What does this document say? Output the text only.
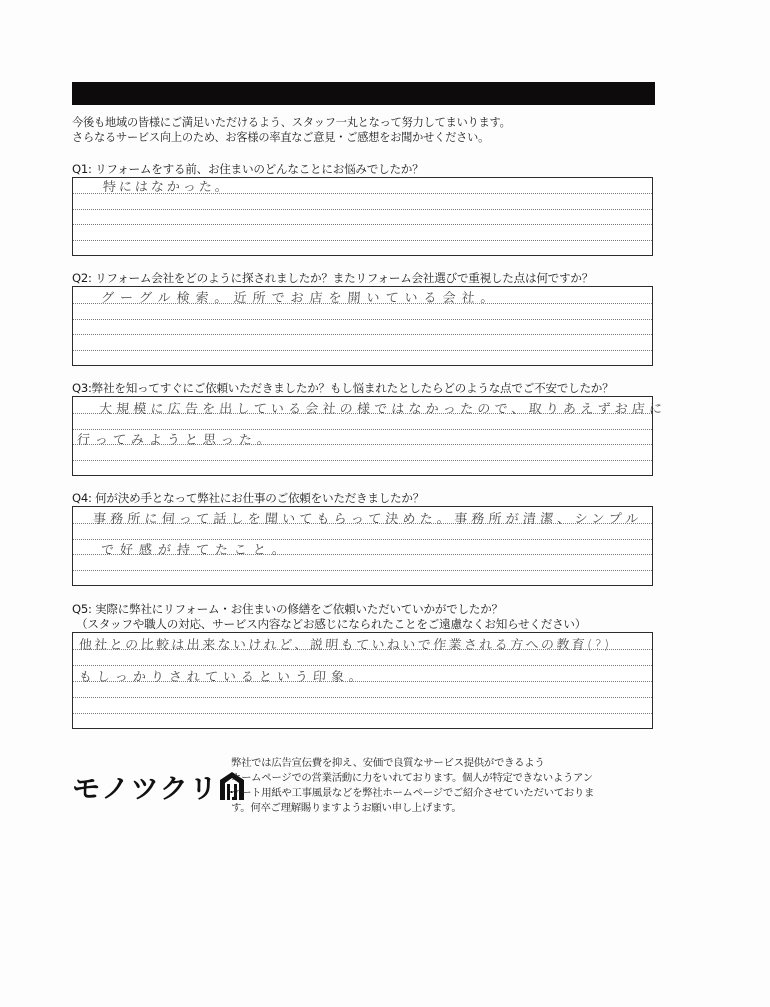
今後も地域の皆様にご満足いただけるよう、スタッフ一丸となって努力してまいります。
さらなるサービス向上のため、お客様の率直なご意見・ご感想をお聞かせください。
Q1: リフォームをする前、お住まいのどんなことにお悩みでしたか？
特にはなかった。
Q2: リフォーム会社をどのように探されましたか？またリフォーム会社選びで重視した点は何ですか？
グーグル検索。近所でお店を開いている会社。
Q3:弊社を知ってすぐにご依頼いただきましたか？もし悩まれたとしたらどのような点でご不安でしたか？
大規模に広告を出している会社の様ではなかったので、取りあえずお店に
行ってみようと思った。
Q4: 何が決め手となって弊社にお仕事のご依頼をいただきましたか？
事務所に伺って話しを聞いてもらって決めた。事務所が清潔、シンプル
で好感が持てたこと。
Q5: 実際に弊社にリフォーム・お住まいの修繕をご依頼いただいていかがでしたか？
（スタッフや職人の対応、サービス内容などお感じになられたことをご遠慮なくお知らせください）
他社との比較は出来ないけれど、説明もていねいで作業される方への教育(?)
もしっかりされているという印象。
モノツクリ
弊社では広告宣伝費を抑え、安価で良質なサービス提供ができるよう
ホームページでの営業活動に力をいれております。個人が特定できないようアン
ケート用紙や工事風景などを弊社ホームページでご紹介させていただいておりま
す。何卒ご理解賜りますようお願い申し上げます。
